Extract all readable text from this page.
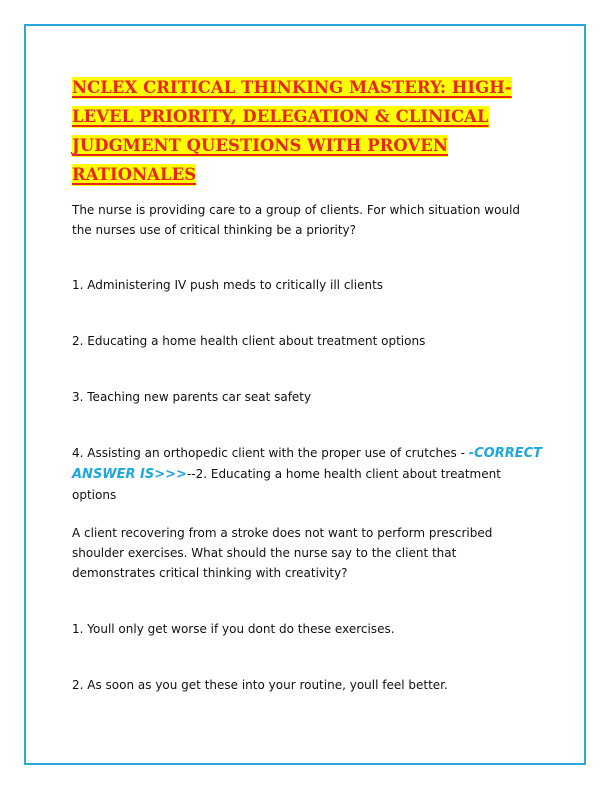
NCLEX CRITICAL THINKING MASTERY: HIGH-LEVEL PRIORITY, DELEGATION & CLINICAL JUDGMENT QUESTIONS WITH PROVEN RATIONALES

The nurse is providing care to a group of clients. For which situation would the nurses use of critical thinking be a priority?

1. Administering IV push meds to critically ill clients

2. Educating a home health client about treatment options

3. Teaching new parents car seat safety

4. Assisting an orthopedic client with the proper use of crutches - -CORRECT ANSWER IS>>>--2. Educating a home health client about treatment options

A client recovering from a stroke does not want to perform prescribed shoulder exercises. What should the nurse say to the client that demonstrates critical thinking with creativity?

1. Youll only get worse if you dont do these exercises.

2. As soon as you get these into your routine, youll feel better.
